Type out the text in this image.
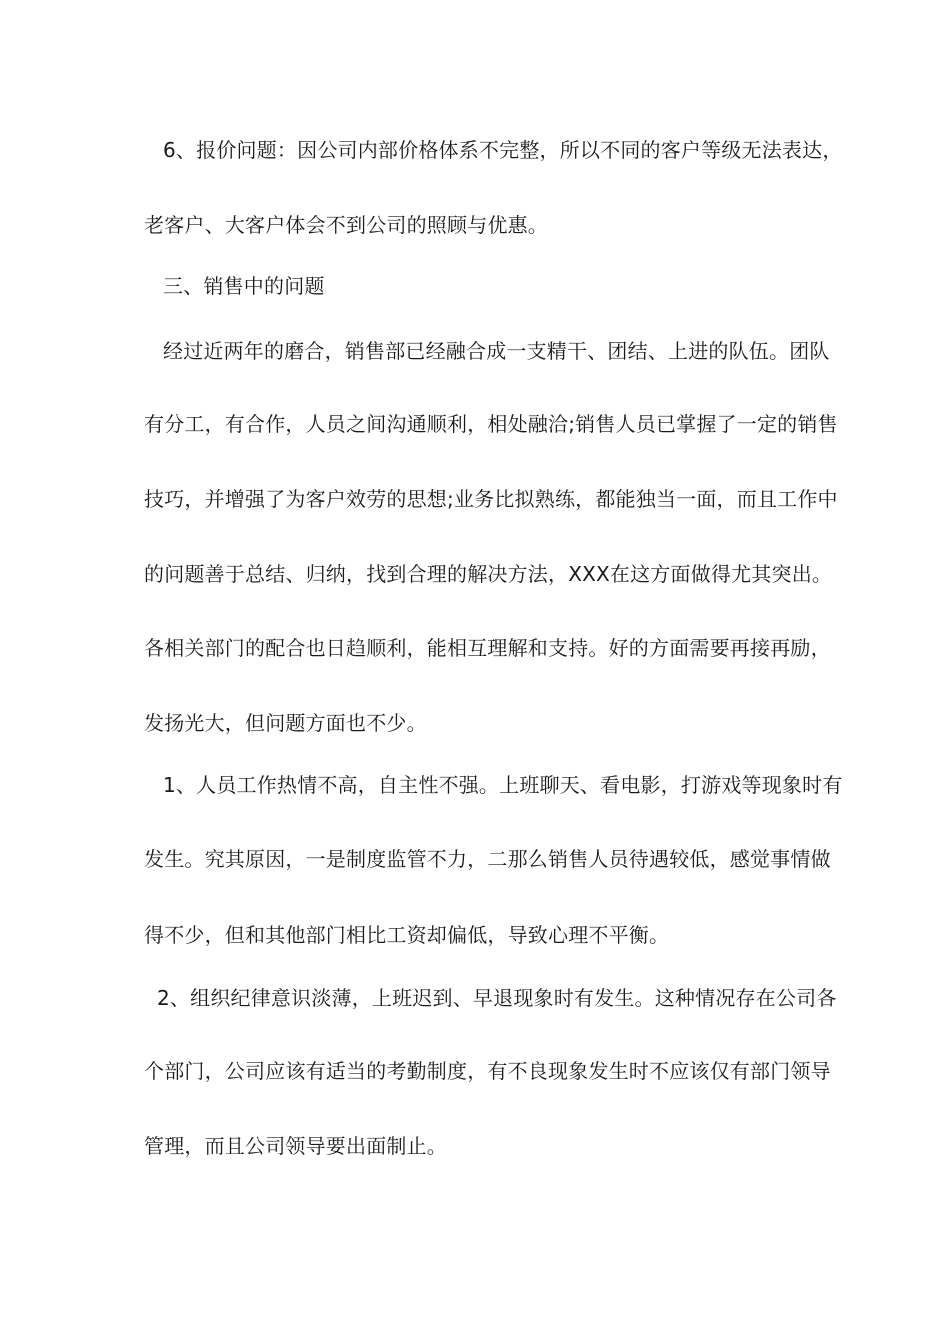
6、报价问题：因公司内部价格体系不完整，所以不同的客户等级无法表达，
老客户、大客户体会不到公司的照顾与优惠。
三、销售中的问题
经过近两年的磨合，销售部已经融合成一支精干、团结、上进的队伍。团队
有分工，有合作，人员之间沟通顺利，相处融洽;销售人员已掌握了一定的销售
技巧，并增强了为客户效劳的思想;业务比拟熟练，都能独当一面，而且工作中
的问题善于总结、归纳，找到合理的解决方法，XXX在这方面做得尤其突出。
各相关部门的配合也日趋顺利，能相互理解和支持。好的方面需要再接再励，
发扬光大，但问题方面也不少。
1、人员工作热情不高，自主性不强。上班聊天、看电影，打游戏等现象时有
发生。究其原因，一是制度监管不力，二那么销售人员待遇较低，感觉事情做
得不少，但和其他部门相比工资却偏低，导致心理不平衡。
2、组织纪律意识淡薄，上班迟到、早退现象时有发生。这种情况存在公司各
个部门，公司应该有适当的考勤制度，有不良现象发生时不应该仅有部门领导
管理，而且公司领导要出面制止。
